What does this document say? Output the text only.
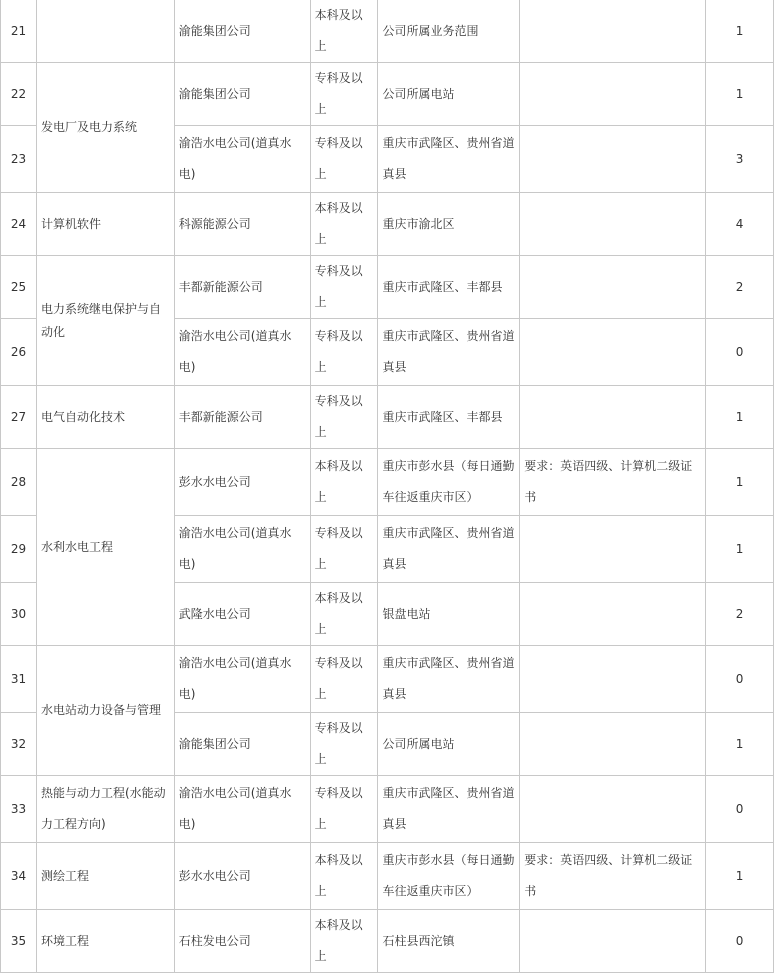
21		渝能集团公司	本科及以上	公司所属业务范围		1
22	发电厂及电力系统	渝能集团公司	专科及以上	公司所属电站		1
23		渝浩水电公司(道真水电)	专科及以上	重庆市武隆区、贵州省道真县		3
24	计算机软件	科源能源公司	本科及以上	重庆市渝北区		4
25	电力系统继电保护与自动化	丰都新能源公司	专科及以上	重庆市武隆区、丰都县		2
26		渝浩水电公司(道真水电)	专科及以上	重庆市武隆区、贵州省道真县		0
27	电气自动化技术	丰都新能源公司	专科及以上	重庆市武隆区、丰都县		1
28	水利水电工程	彭水水电公司	本科及以上	重庆市彭水县（每日通勤车往返重庆市区）	要求：英语四级、计算机二级证书	1
29		渝浩水电公司(道真水电)	专科及以上	重庆市武隆区、贵州省道真县		1
30		武隆水电公司	本科及以上	银盘电站		2
31	水电站动力设备与管理	渝浩水电公司(道真水电)	专科及以上	重庆市武隆区、贵州省道真县		0
32		渝能集团公司	专科及以上	公司所属电站		1
33	热能与动力工程(水能动力工程方向)	渝浩水电公司(道真水电)	专科及以上	重庆市武隆区、贵州省道真县		0
34	测绘工程	彭水水电公司	本科及以上	重庆市彭水县（每日通勤车往返重庆市区）	要求：英语四级、计算机二级证书	1
35	环境工程	石柱发电公司	本科及以上	石柱县西沱镇		0
